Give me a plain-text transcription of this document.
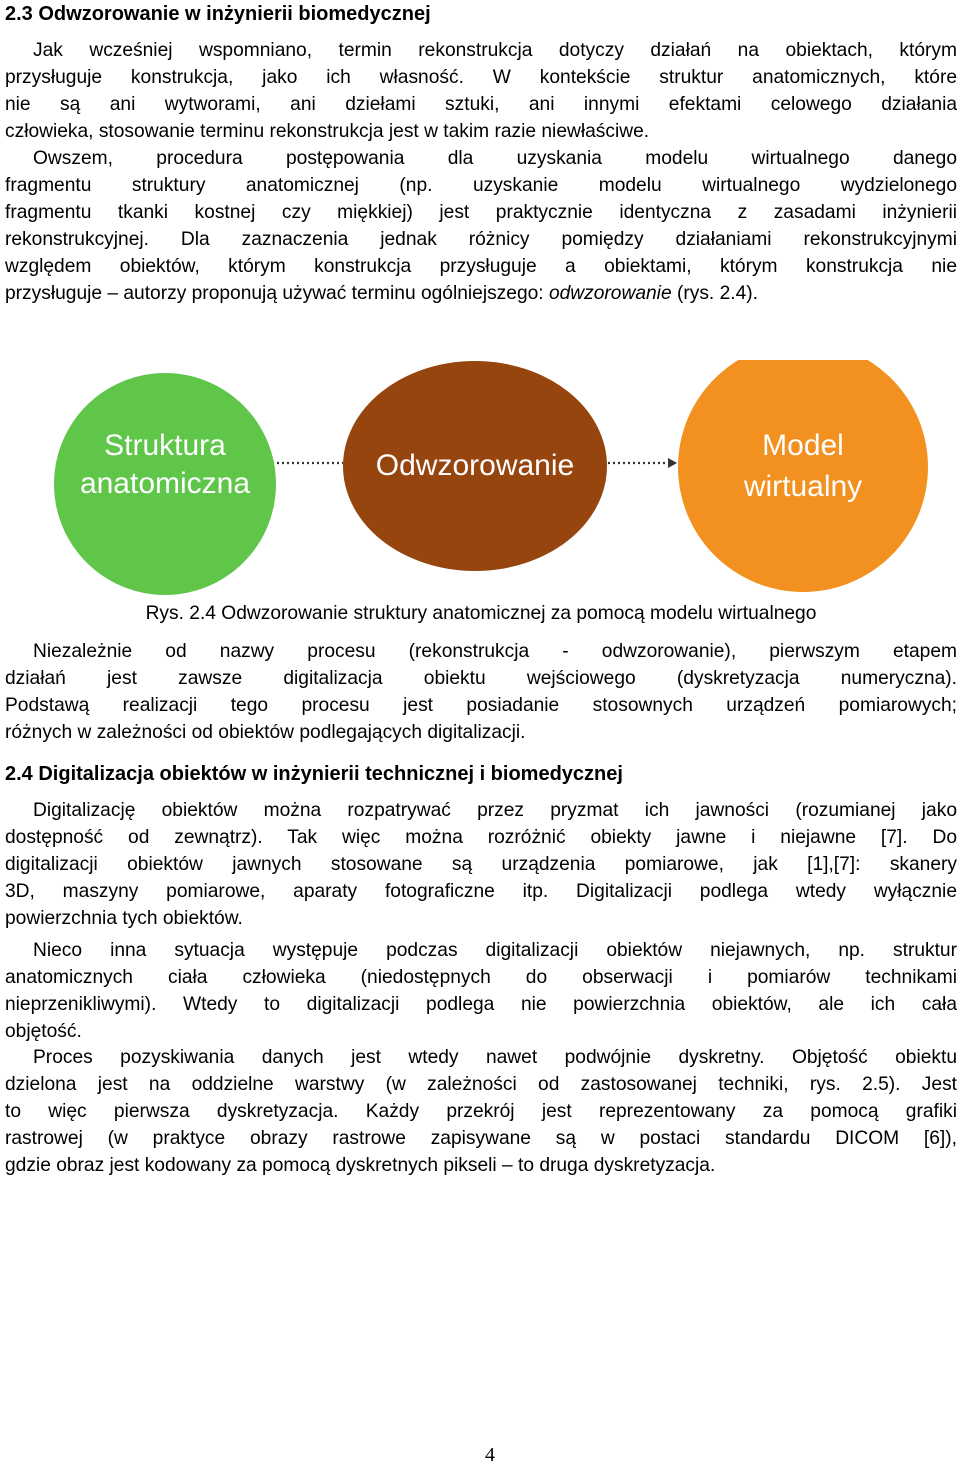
2.3 Odwzorowanie w inżynierii biomedycznej
Jak wcześniej wspomniano, termin rekonstrukcja dotyczy działań na obiektach, którym
przysługuje konstrukcja, jako ich własność. W kontekście struktur anatomicznych, które
nie są ani wytworami, ani dziełami sztuki, ani innymi efektami celowego działania
człowieka, stosowanie terminu rekonstrukcja jest w takim razie niewłaściwe.
Owszem, procedura postępowania dla uzyskania modelu wirtualnego danego
fragmentu struktury anatomicznej (np. uzyskanie modelu wirtualnego wydzielonego
fragmentu tkanki kostnej czy miękkiej) jest praktycznie identyczna z zasadami inżynierii
rekonstrukcyjnej. Dla zaznaczenia jednak różnicy pomiędzy działaniami rekonstrukcyjnymi
względem obiektów, którym konstrukcja przysługuje a obiektami, którym konstrukcja nie
przysługuje – autorzy proponują używać terminu ogólniejszego: odwzorowanie (rys. 2.4).
Struktura
anatomiczna
Odwzorowanie
Model
wirtualny
Rys. 2.4 Odwzorowanie struktury anatomicznej za pomocą modelu wirtualnego
Niezależnie od nazwy procesu (rekonstrukcja - odwzorowanie), pierwszym etapem
działań jest zawsze digitalizacja obiektu wejściowego (dyskretyzacja numeryczna).
Podstawą realizacji tego procesu jest posiadanie stosownych urządzeń pomiarowych;
różnych w zależności od obiektów podlegających digitalizacji.
2.4 Digitalizacja obiektów w inżynierii technicznej i biomedycznej
Digitalizację obiektów można rozpatrywać przez pryzmat ich jawności (rozumianej jako
dostępność od zewnątrz). Tak więc można rozróżnić obiekty jawne i niejawne [7]. Do
digitalizacji obiektów jawnych stosowane są urządzenia pomiarowe, jak [1],[7]: skanery
3D, maszyny pomiarowe, aparaty fotograficzne itp. Digitalizacji podlega wtedy wyłącznie
powierzchnia tych obiektów.
Nieco inna sytuacja występuje podczas digitalizacji obiektów niejawnych, np. struktur
anatomicznych ciała człowieka (niedostępnych do obserwacji i pomiarów technikami
nieprzenikliwymi). Wtedy to digitalizacji podlega nie powierzchnia obiektów, ale ich cała
objętość.
Proces pozyskiwania danych jest wtedy nawet podwójnie dyskretny. Objętość obiektu
dzielona jest na oddzielne warstwy (w zależności od zastosowanej techniki, rys. 2.5). Jest
to więc pierwsza dyskretyzacja. Każdy przekrój jest reprezentowany za pomocą grafiki
rastrowej (w praktyce obrazy rastrowe zapisywane są w postaci standardu DICOM [6]),
gdzie obraz jest kodowany za pomocą dyskretnych pikseli – to druga dyskretyzacja.
4
